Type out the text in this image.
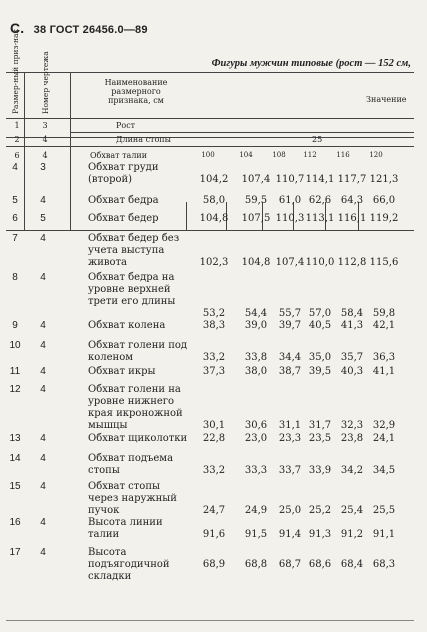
С. 38 ГОСТ 26456.0—89
Фигуры мужчин типовые (рост — 152 см,
Размер-ный приз-нак	Номер чертежа	Наименование размерного признака, см	Значение
1	3	Рост
2	4	Длина стопы	25
6	4	Обхват талии	100	104	108	112	116	120
4	3	Обхват груди (второй)	104,2	107,4 110,7 114,1 117,7 121,3
5	4	Обхват бедра	58,0	59,5	61,0 62,6 64,3 66,0
6	5	Обхват бедер	104,8	107,5 110,3 113,1 116,1 119,2
7	4	Обхват бедер без учета выступа живота	102,3	104,8 107,4 110,0 112,8 115,6
8	4	Обхват бедра на уровне верхней трети его длины
53,2	54,4	55,7 57,0 58,4 59,8
9	4	Обхват колена	38,3	39,0	39,7 40,5 41,3 42,1
10	4	Обхват голени под коленом	33,2	33,8	34,4 35,0 35,7 36,3
11	4	Обхват икры	37,3	38,0	38,7 39,5 40,3 41,1
12	4	Обхват голени на уровне нижнего края икроножной мышцы	30,1	30,6	31,1 31,7 32,3 32,9
13	4	Обхват щиколотки	22,8	23,0	23,3 23,5 23,8 24,1
14	4	Обхват подъема стопы	33,2	33,3	33,7 33,9 34,2 34,5
15	4	Обхват стопы через наружный пучок	24,7	24,9	25,0 25,2 25,4 25,5
16	4	Высота линии талии	91,6	91,5	91,4 91,3 91,2 91,1
17	4	Высота подъягодичной складки
68,9	68,8	68,7 68,6 68,4 68,3
